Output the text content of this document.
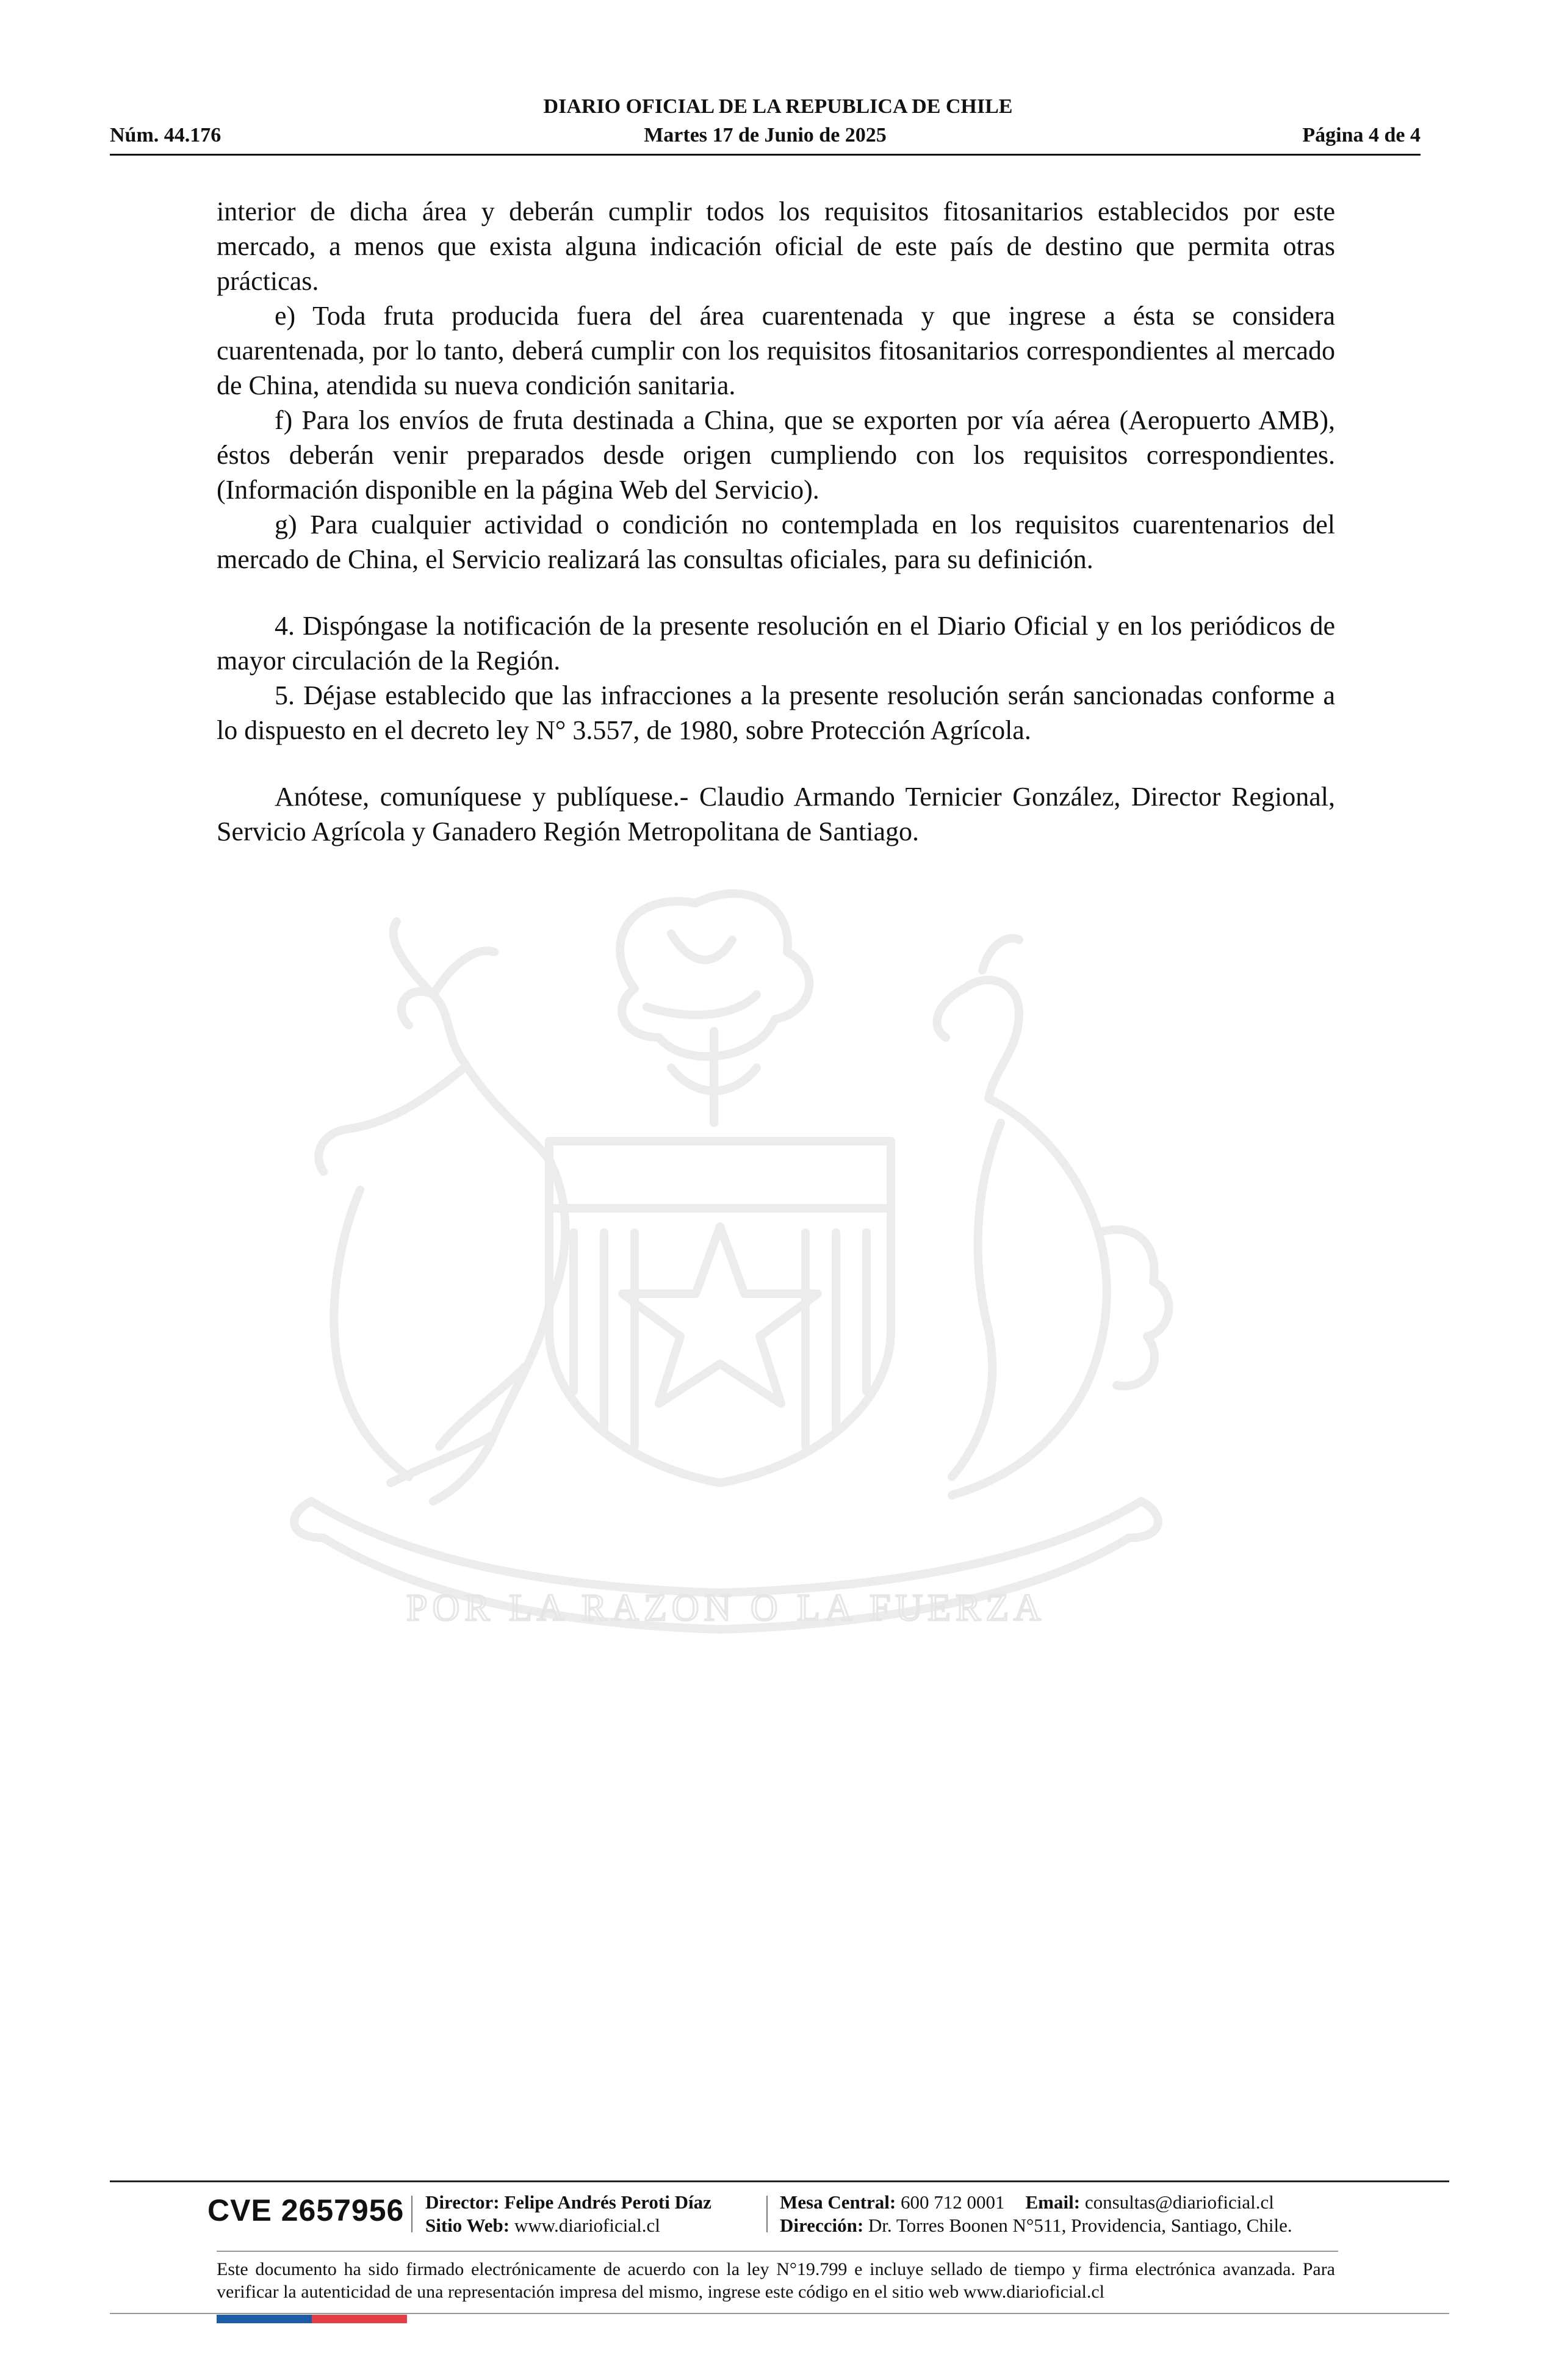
DIARIO OFICIAL DE LA REPUBLICA DE CHILE
Núm. 44.176	Martes 17 de Junio de 2025	Página 4 de 4

interior de dicha área y deberán cumplir todos los requisitos fitosanitarios establecidos por este mercado, a menos que exista alguna indicación oficial de este país de destino que permita otras prácticas.

e) Toda fruta producida fuera del área cuarentenada y que ingrese a ésta se considera cuarentenada, por lo tanto, deberá cumplir con los requisitos fitosanitarios correspondientes al mercado de China, atendida su nueva condición sanitaria.

f) Para los envíos de fruta destinada a China, que se exporten por vía aérea (Aeropuerto AMB), éstos deberán venir preparados desde origen cumpliendo con los requisitos correspondientes. (Información disponible en la página Web del Servicio).

g) Para cualquier actividad o condición no contemplada en los requisitos cuarentenarios del mercado de China, el Servicio realizará las consultas oficiales, para su definición.

4. Dispóngase la notificación de la presente resolución en el Diario Oficial y en los periódicos de mayor circulación de la Región.

5. Déjase establecido que las infracciones a la presente resolución serán sancionadas conforme a lo dispuesto en el decreto ley N° 3.557, de 1980, sobre Protección Agrícola.

Anótese, comuníquese y publíquese.- Claudio Armando Ternicier González, Director Regional, Servicio Agrícola y Ganadero Región Metropolitana de Santiago.

POR LA RAZON O LA FUERZA
CVE 2657956 Director: Felipe Andrés Peroti Díaz
Sitio Web: www.diarioficial.cl
Mesa Central: 600 712 0001 Email: consultas@diarioficial.cl
Dirección: Dr. Torres Boonen N°511, Providencia, Santiago, Chile.
Este documento ha sido firmado electrónicamente de acuerdo con la ley N°19.799 e incluye sellado de tiempo y firma electrónica avanzada. Para verificar la autenticidad de una representación impresa del mismo, ingrese este código en el sitio web www.diarioficial.cl
